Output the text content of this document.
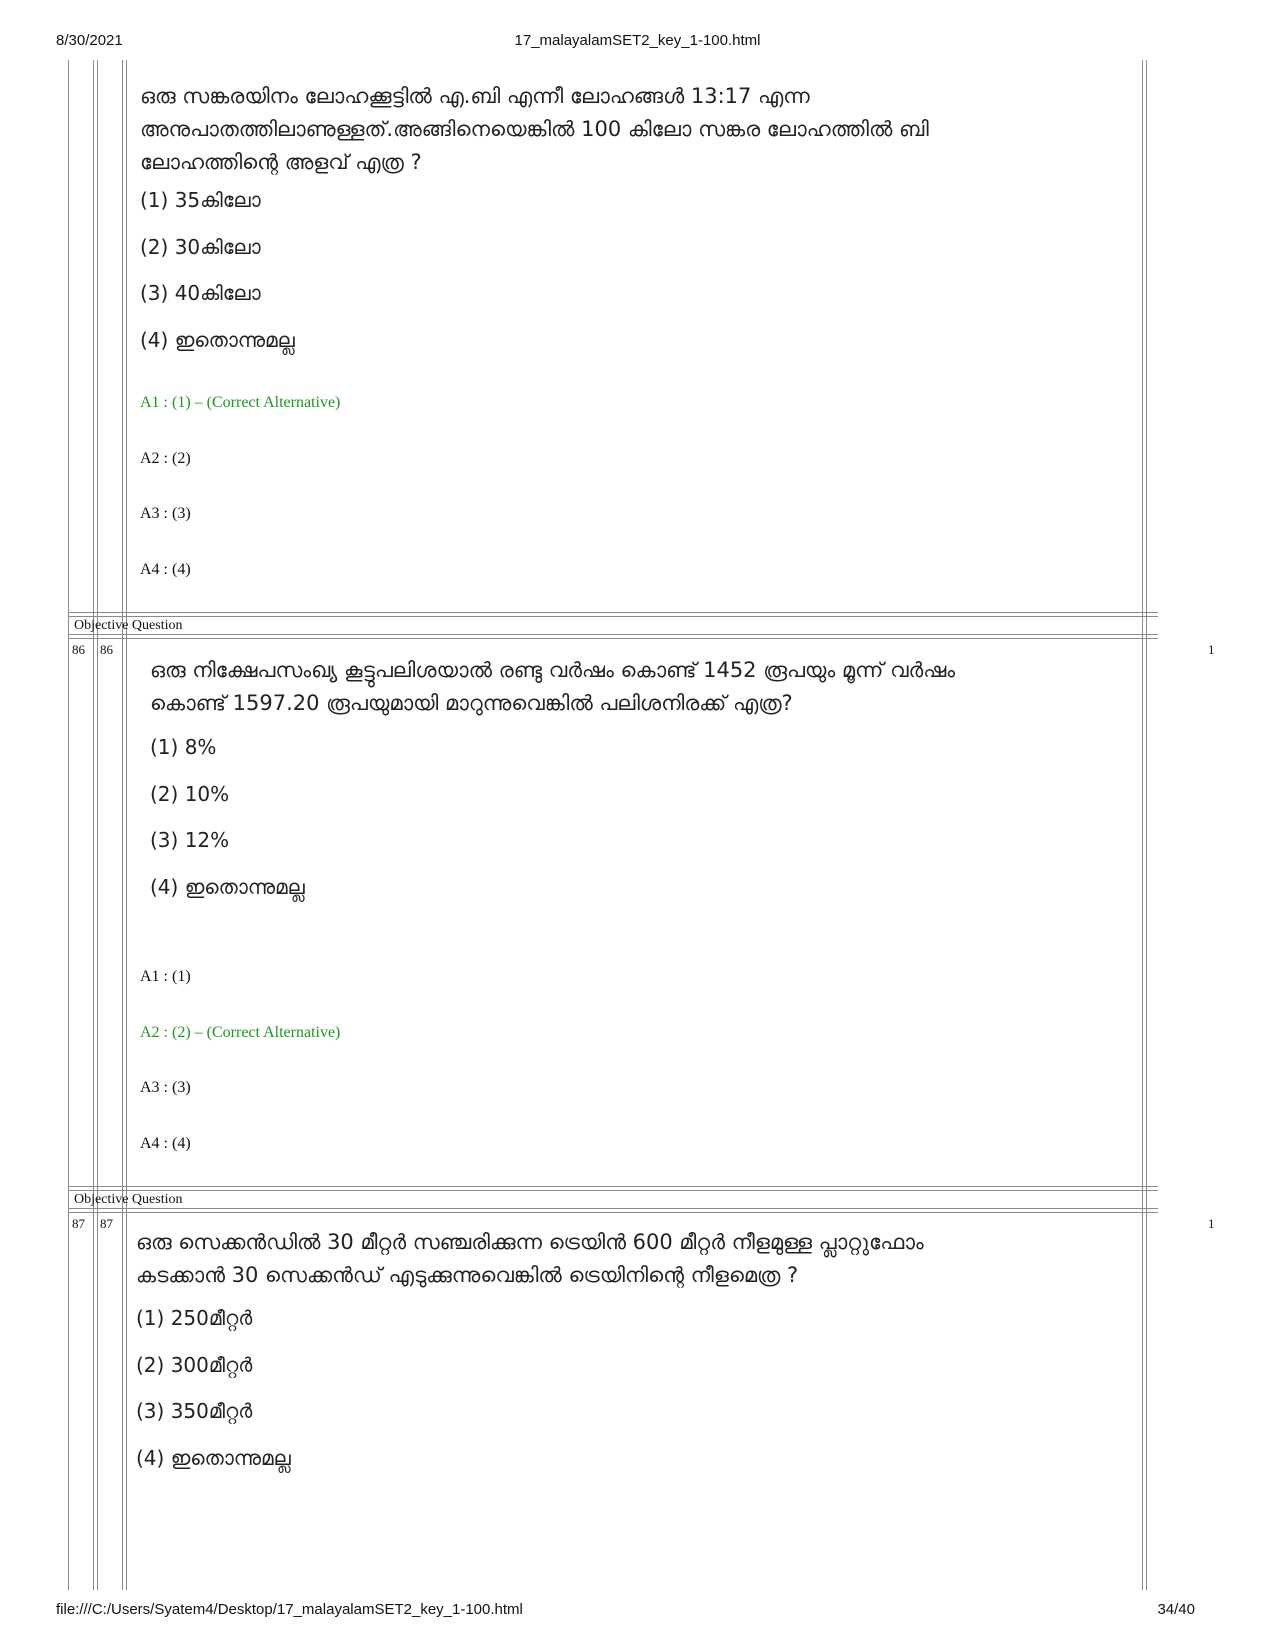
8/30/2021	17_malayalamSET2_key_1-100.html
file:///C:/Users/Syatem4/Desktop/17_malayalamSET2_key_1-100.html	34/40
ഒരു സങ്കരയിനം ലോഹക്കൂട്ടിൽ എ.ബി എന്നീ ലോഹങ്ങൾ 13:17 എന്ന
അനുപാതത്തിലാണുള്ളത്.അങ്ങിനെയെങ്കിൽ 100 കിലോ സങ്കര ലോഹത്തിൽ ബി
ലോഹത്തിന്റെ അളവ് എത്ര ?
(1) 35കിലോ
(2) 30കിലോ
(3) 40കിലോ
(4) ഇതൊന്നുമല്ല
A1 : (1) – (Correct Alternative)
A2 : (2)
A3 : (3)
A4 : (4)
Objective Question
86 86	1
ഒരു നിക്ഷേപസംഖ്യ കൂട്ടുപലിശയാൽ രണ്ടു വർഷം കൊണ്ട് 1452 രൂപയും മൂന്ന് വർഷം
കൊണ്ട് 1597.20 രൂപയുമായി മാറുന്നുവെങ്കിൽ പലിശനിരക്ക് എത്ര?
(1) 8%
(2) 10%
(3) 12%
(4) ഇതൊന്നുമല്ല
A1 : (1)
A2 : (2) – (Correct Alternative)
A3 : (3)
A4 : (4)
Objective Question
87 87	1
ഒരു സെക്കൻഡിൽ 30 മീറ്റർ സഞ്ചരിക്കുന്ന ട്രെയിൻ 600 മീറ്റർ നീളമുള്ള പ്ലാറ്റുഫോം
കടക്കാൻ 30 സെക്കൻഡ് എടുക്കുന്നുവെങ്കിൽ ട്രെയിനിന്റെ നീളമെത്ര ?
(1) 250മീറ്റർ
(2) 300മീറ്റർ
(3) 350മീറ്റർ
(4) ഇതൊന്നുമല്ല
